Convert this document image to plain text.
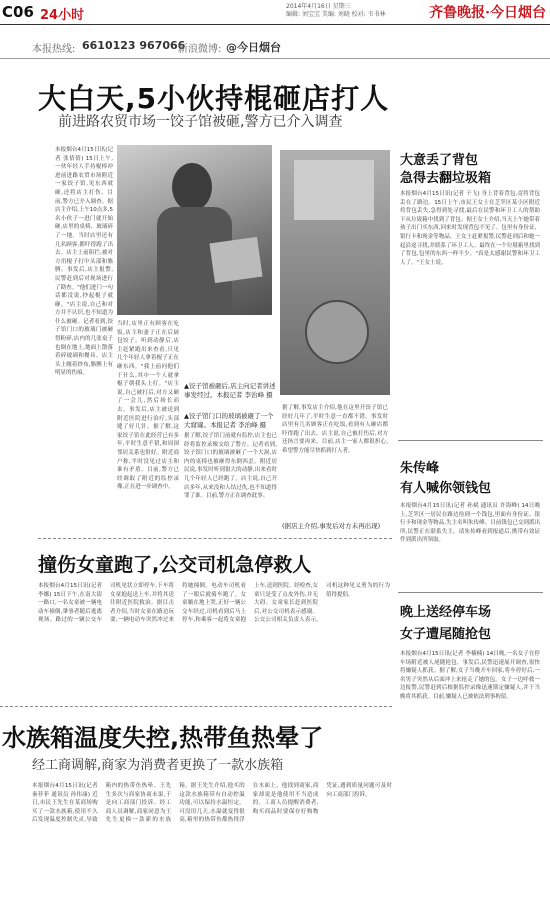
C06 24小时
2014年4月16日 星期三
编辑: 刘宝宝 美编: 刘晓 校对: 韦书林	齐鲁晚报·今日烟台
本报热线: 6610123 967066
新浪微博: @今日烟台
大白天,5小伙持棍砸店打人
前进路农贸市场一饺子馆被砸,警方已介入调查
本报烟台4月15日讯(记者 张倩倩) 15日上午,一伙年轻人手持棍棒冲进前进路农贸市场附近一家饺子馆,见东西就砸,还将店主打伤。目前,警方已介入调查。据店主介绍,上午10点多,5名小伙子一进门就开始砸,店里的桌椅、玻璃碎了一地。当时店里还有几名顾客,都吓得跑了出去。店主上前阻拦,被对方用棍子打中头部和胳膊。事发后,店主报警,民警赶到后对现场进行了勘查。"他们进门一句话都没说,抄起棍子就砸。"店主说,自己和对方并不认识,也不知道为什么被砸。记者看到,饺子馆门口的玻璃门被砸得粉碎,店内的几张桌子也倒在地上,地面上散落着碎玻璃和餐具。店主头上缠着纱布,胳膊上有明显的伤痕。
当时,店里正有顾客在吃饭,店主和妻子正在后厨包饺子。听到动静后,店主赶紧跑出来查看,只见几个年轻人拿着棍子正在砸东西。"我上前问他们干什么,其中一个人就拿棍子朝我头上打。"店主说,自己被打后,对方又砸了一会儿,然后扬长而去。事发后,店主被送到附近医院进行治疗,头部缝了好几针。据了解,这家饺子馆在此经营已有多年,平时生意不错,和周围邻居关系也很好。附近商户称,平时没见过店主和谁有矛盾。目前,警方已经调取了附近的监控录像,正在进一步调查中。
▲饺子馆被砸后,店主向记者讲述事发经过。本报记者 李治峰 摄
▲饺子馆门口的玻璃被砸了一个大窟窿。本报记者 李治峰 摄
据了解,饺子馆门前就有监控,店主也已经将监控录像交给了警方。记者看到,饺子馆门口的玻璃被砸了一个大洞,店内的桌椅也被砸得东倒西歪。附近居民说,事发时听到很大的动静,出来看时几个年轻人已经跑了。店主说,自己开店多年,从来没和人结过仇,也不知道得罪了谁。目前,警方正在调查此事。
据了解,事发店主介绍,他在这里开饺子馆已经好几年了,平时生意一直都不错。事发时店里有几名顾客正在吃饭,看到有人砸店都吓得跑了出去。店主说,自己被打伤后,对方还扬言要再来。目前,店主一家人都很担心,希望警方能尽快抓到打人者。
(据店主介绍,事发后对方未再出现)
大意丢了背包
急得去翻垃圾箱
本报烟台4月15日讯(记者 于飞) 身上背着背包,竟将背包丢在了路边。15日上午,市民王女士在芝罘区某小区附近将背包丢失,急得到处寻找,最后在民警和环卫工人的帮助下从垃圾箱中找到了背包。据王女士介绍,当天上午她带着孩子出门买东西,回来时发现背包不见了。包里有身份证、银行卡和现金等物品。王女士赶紧报警,民警赶到后和她一起沿途寻找,并联系了环卫工人。最终在一个垃圾箱里找到了背包,包里的东西一样不少。"真是太感谢民警和环卫工人了。"王女士说。
朱传峰
有人喊你领钱包
本报烟台4月15日讯(记者 孙斌 通讯员 许海峰) 14日晚上,芝罘区一居民在路边捡到一个钱包,里面有身份证、银行卡和现金等物品,失主名叫朱传峰。目前钱包已交到派出所,民警正在联系失主。请朱传峰看到报道后,携带有效证件到派出所领取。
晚上送经停车场
女子遭尾随抢包
本报烟台4月15日讯(记者 李楠楠) 14日晚,一名女子在停车场附近被人尾随抢包。事发后,民警迅速展开调查,很快将嫌疑人抓获。据了解,女子当晚开车回家,将车停好后,一名男子突然从后面冲上来抢走了她的包。女子一边呼救一边报警,民警赶到后根据监控录像迅速锁定嫌疑人,并于当晚将其抓获。目前,嫌疑人已被依法刑事拘留。
撞伤女童跑了,公交司机急停救人
本报烟台4月15日讯(记者 李娜) 15日下午,在南大街一路口,一名女童被一辆电动车撞倒,肇事者随后逃离现场。路过的一辆公交车司机见状立即停车,下车将女童抱起送上车,并将其送往附近医院救治。据目击者介绍,当时女童在路边玩耍,一辆电动车突然冲过来将她撞倒。电动车司机看了一眼后就骑车跑了。女童躺在地上哭,正好一辆公交车经过,司机看到后马上停车,和乘客一起将女童抱上车,送到医院。经检查,女童只是受了点皮外伤,并无大碍。女童家长赶到医院后,对公交司机表示感谢。公交公司相关负责人表示,司机这种见义勇为的行为值得提倡。
水族箱温度失控,热带鱼热晕了
经工商调解,商家为消费者更换了一款水族箱
本报烟台4月15日讯(记者 秦菲菲 通讯员 孙伟康) 近日,市民王先生在某商场购买了一款水族箱,使用不久后发现温度控制失灵,导致箱内的热带鱼热晕。王先生多次与商家协商未果,于是向工商部门投诉。经工商人员调解,商家同意为王先生更换一款新的水族箱。据王先生介绍,他买的这款水族箱带有自动控温功能,可以保持水温恒定。可没用几天,水温就变得很高,箱里的热带鱼都热得浮在水面上。他找到商家,商家却说是他使用不当造成的。工商人员提醒消费者,购买商品时要保存好购物凭证,遇到质量问题可及时向工商部门投诉。
